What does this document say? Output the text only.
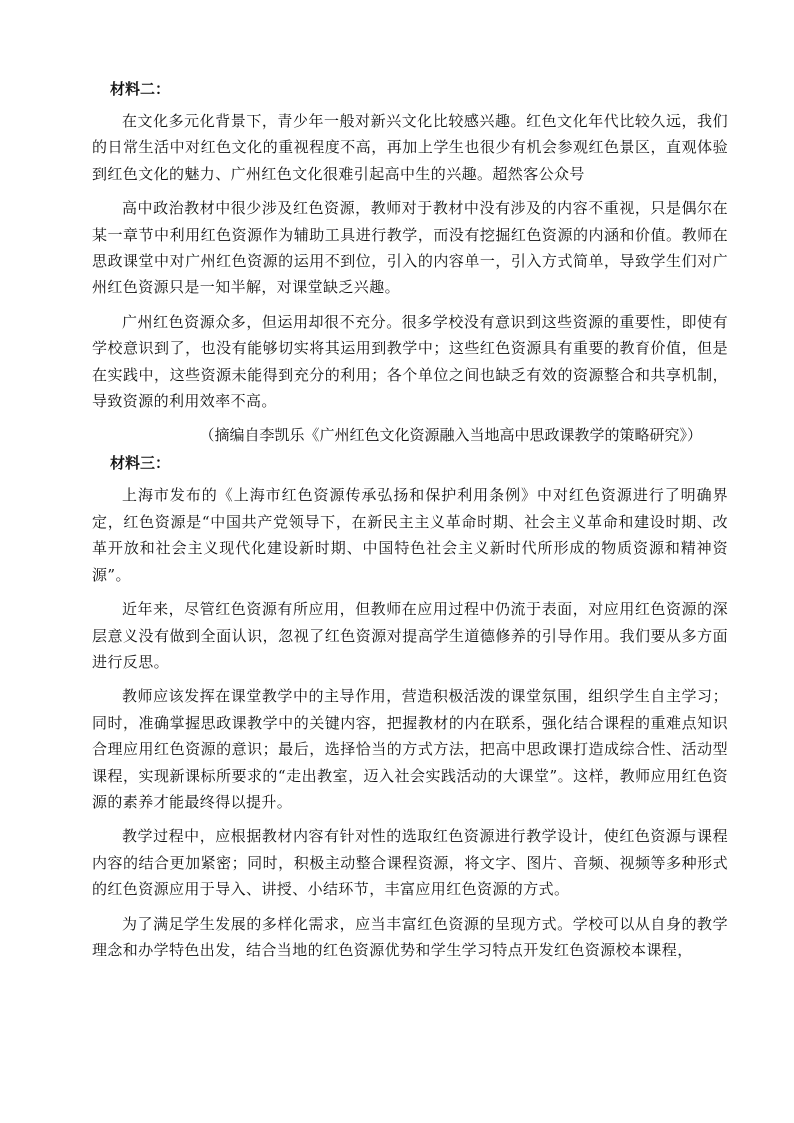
材料二：

在文化多元化背景下，青少年一般对新兴文化比较感兴趣。红色文化年代比较久远，我们的日常生活中对红色文化的重视程度不高，再加上学生也很少有机会参观红色景区，直观体验到红色文化的魅力、广州红色文化很难引起高中生的兴趣。超然客公众号

高中政治教材中很少涉及红色资源，教师对于教材中没有涉及的内容不重视，只是偶尔在某一章节中利用红色资源作为辅助工具进行教学，而没有挖掘红色资源的内涵和价值。教师在思政课堂中对广州红色资源的运用不到位，引入的内容单一，引入方式简单，导致学生们对广州红色资源只是一知半解，对课堂缺乏兴趣。

广州红色资源众多，但运用却很不充分。很多学校没有意识到这些资源的重要性，即使有学校意识到了，也没有能够切实将其运用到教学中；这些红色资源具有重要的教育价值，但是在实践中，这些资源未能得到充分的利用；各个单位之间也缺乏有效的资源整合和共享机制，导致资源的利用效率不高。

（摘编自李凯乐《广州红色文化资源融入当地高中思政课教学的策略研究》）
材料三：

上海市发布的《上海市红色资源传承弘扬和保护利用条例》中对红色资源进行了明确界定，红色资源是“中国共产党领导下，在新民主主义革命时期、社会主义革命和建设时期、改革开放和社会主义现代化建设新时期、中国特色社会主义新时代所形成的物质资源和精神资源”。

近年来，尽管红色资源有所应用，但教师在应用过程中仍流于表面，对应用红色资源的深层意义没有做到全面认识，忽视了红色资源对提高学生道德修养的引导作用。我们要从多方面进行反思。

教师应该发挥在课堂教学中的主导作用，营造积极活泼的课堂氛围，组织学生自主学习；同时，准确掌握思政课教学中的关键内容，把握教材的内在联系，强化结合课程的重难点知识合理应用红色资源的意识；最后，选择恰当的方式方法，把高中思政课打造成综合性、活动型课程，实现新课标所要求的“走出教室，迈入社会实践活动的大课堂”。这样，教师应用红色资源的素养才能最终得以提升。

教学过程中，应根据教材内容有针对性的选取红色资源进行教学设计，使红色资源与课程内容的结合更加紧密；同时，积极主动整合课程资源，将文字、图片、音频、视频等多种形式的红色资源应用于导入、讲授、小结环节，丰富应用红色资源的方式。

为了满足学生发展的多样化需求，应当丰富红色资源的呈现方式。学校可以从自身的教学理念和办学特色出发，结合当地的红色资源优势和学生学习特点开发红色资源校本课程，
